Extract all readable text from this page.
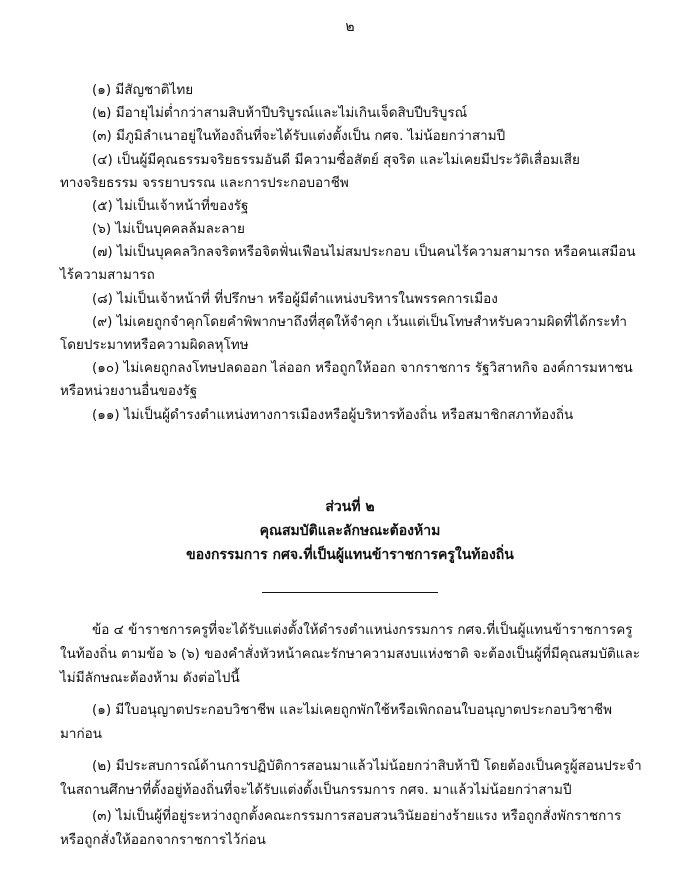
๒
(๑) มีสัญชาติไทย
(๒) มีอายุไม่ต่ำกว่าสามสิบห้าปีบริบูรณ์และไม่เกินเจ็ดสิบปีบริบูรณ์
(๓) มีภูมิลำเนาอยู่ในท้องถิ่นที่จะได้รับแต่งตั้งเป็น กศจ. ไม่น้อยกว่าสามปี
(๔) เป็นผู้มีคุณธรรมจริยธรรมอันดี มีความซื่อสัตย์ สุจริต และไม่เคยมีประวัติเสื่อมเสีย
ทางจริยธรรม จรรยาบรรณ และการประกอบอาชีพ
(๕) ไม่เป็นเจ้าหน้าที่ของรัฐ
(๖) ไม่เป็นบุคคลล้มละลาย
(๗) ไม่เป็นบุคคลวิกลจริตหรือจิตฟั่นเฟือนไม่สมประกอบ เป็นคนไร้ความสามารถ หรือคนเสมือน
ไร้ความสามารถ
(๘) ไม่เป็นเจ้าหน้าที่ ที่ปรึกษา หรือผู้มีตำแหน่งบริหารในพรรคการเมือง
(๙) ไม่เคยถูกจำคุกโดยคำพิพากษาถึงที่สุดให้จำคุก เว้นแต่เป็นโทษสำหรับความผิดที่ได้กระทำ
โดยประมาทหรือความผิดลหุโทษ
(๑๐) ไม่เคยถูกลงโทษปลดออก ไล่ออก หรือถูกให้ออก จากราชการ รัฐวิสาหกิจ องค์การมหาชน
หรือหน่วยงานอื่นของรัฐ
(๑๑) ไม่เป็นผู้ดำรงตำแหน่งทางการเมืองหรือผู้บริหารท้องถิ่น หรือสมาชิกสภาท้องถิ่น
ส่วนที่ ๒
คุณสมบัติและลักษณะต้องห้าม
ของกรรมการ กศจ.ที่เป็นผู้แทนข้าราชการครูในท้องถิ่น
ข้อ ๔ ข้าราชการครูที่จะได้รับแต่งตั้งให้ดำรงตำแหน่งกรรมการ กศจ.ที่เป็นผู้แทนข้าราชการครู
ในท้องถิ่น ตามข้อ ๖ (๖) ของคำสั่งหัวหน้าคณะรักษาความสงบแห่งชาติ จะต้องเป็นผู้ที่มีคุณสมบัติและ
ไม่มีลักษณะต้องห้าม ดังต่อไปนี้
(๑) มีใบอนุญาตประกอบวิชาชีพ และไม่เคยถูกพักใช้หรือเพิกถอนใบอนุญาตประกอบวิชาชีพ
มาก่อน
(๒) มีประสบการณ์ด้านการปฏิบัติการสอนมาแล้วไม่น้อยกว่าสิบห้าปี โดยต้องเป็นครูผู้สอนประจำ
ในสถานศึกษาที่ตั้งอยู่ท้องถิ่นที่จะได้รับแต่งตั้งเป็นกรรมการ กศจ. มาแล้วไม่น้อยกว่าสามปี
(๓) ไม่เป็นผู้ที่อยู่ระหว่างถูกตั้งคณะกรรมการสอบสวนวินัยอย่างร้ายแรง หรือถูกสั่งพักราชการ
หรือถูกสั่งให้ออกจากราชการไว้ก่อน
